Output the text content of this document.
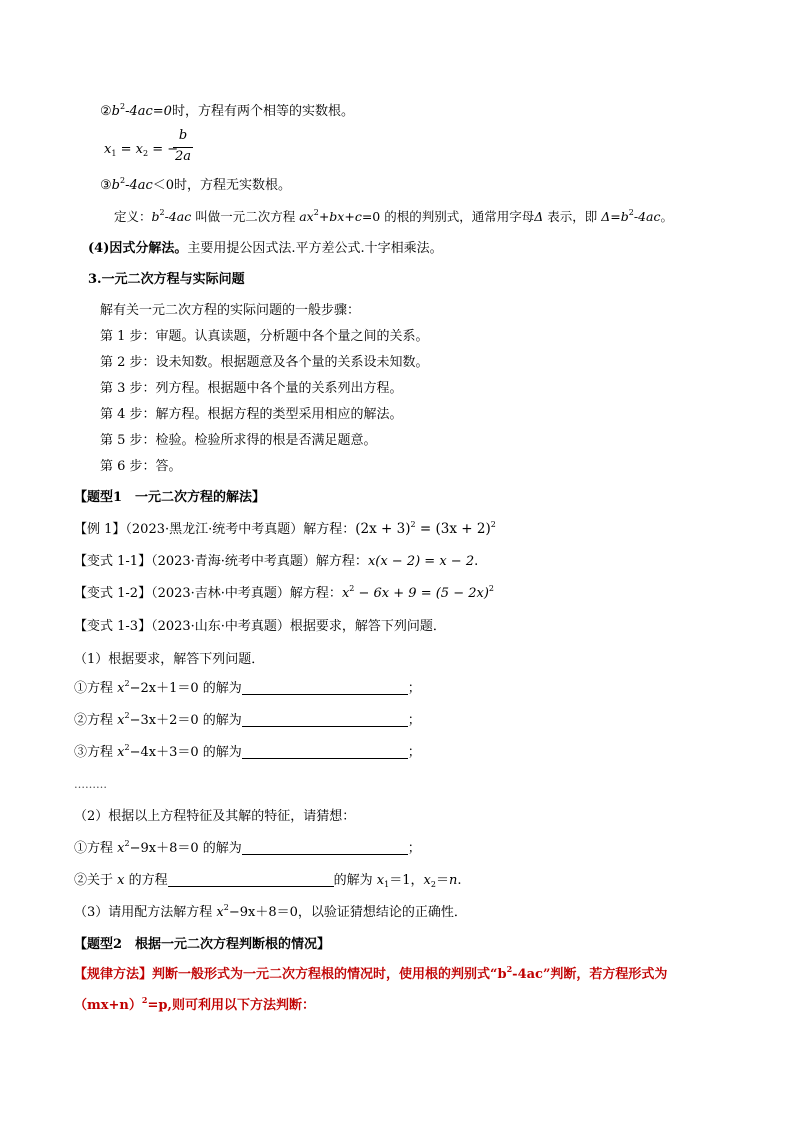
$②b^2-4ac=0$时，方程有两个相等的实数根。
$x_1 = x_2$ = −
b
2a
$③b^2-4ac<0$时，方程无实数根。
定义：$b^2-4ac$ 叫做一元二次方程 $ax^2+bx+c=0$ 的根的判别式，通常用字母Δ 表示，即 $\Delta=b^2-4ac$。
(4)因式分解法。主要用提公因式法.平方差公式.十字相乘法。
3.一元二次方程与实际问题
解有关一元二次方程的实际问题的一般步骤：
第 1 步：审题。认真读题，分析题中各个量之间的关系。
第 2 步：设未知数。根据题意及各个量的关系设未知数。
第 3 步：列方程。根据题中各个量的关系列出方程。
第 4 步：解方程。根据方程的类型采用相应的解法。
第 5 步：检验。检验所求得的根是否满足题意。
第 6 步：答。
【题型1　一元二次方程的解法】
【例 1】（2023·黑龙江·统考中考真题）解方程：$(2x + 3)^2 = (3x + 2)^2$
【变式 1-1】（2023·青海·统考中考真题）解方程：x(x − 2) = x − 2.
【变式 1-2】（2023·吉林·中考真题）解方程：$x^2 - 6x + 9 = (5 - 2x)^2$
【变式 1-3】（2023·山东·中考真题）根据要求，解答下列问题．
（1）根据要求，解答下列问题．
①方程 $x^2-2x+1=0$ 的解为	；
②方程 $x^2-3x+2=0$ 的解为	；
③方程 $x^2-4x+3=0$ 的解为	；
………
（2）根据以上方程特征及其解的特征，请猜想：
①方程 $x^2-9x+8=0$ 的解为	；
②关于 x 的方程	的解为 $x_1=1$，$x_2=n$.
（3）请用配方法解方程 $x^2-9x+8=0$，以验证猜想结论的正确性．
【题型2　根据一元二次方程判断根的情况】
【规律方法】判断一般形式为一元二次方程根的情况时，使用根的判别式“$b^2-4ac$”判断，若方程形式为
$(mx+n)^2=p$,则可利用以下方法判断：
